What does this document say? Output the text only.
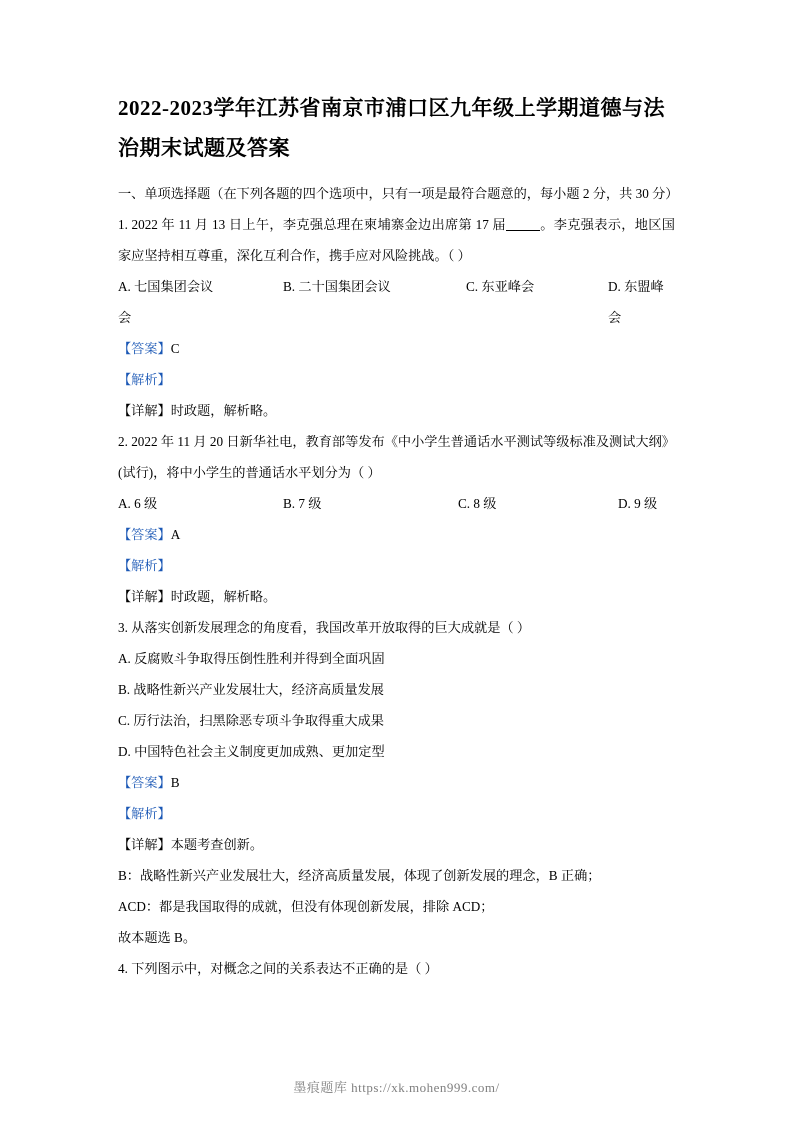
2022-2023学年江苏省南京市浦口区九年级上学期道德与法治期末试题及答案

一、单项选择题（在下列各题的四个选项中，只有一项是最符合题意的，每小题 2 分，共 30 分）

1. 2022 年 11 月 13 日上午，李克强总理在柬埔寨金边出席第 17 届	。李克强表示，地区国家应坚持相互尊重，深化互利合作，携手应对风险挑战。（ ）

A. 七国集团会议	B. 二十国集团会议	C. 东亚峰会	D. 东盟峰会
会

【答案】C

【解析】

【详解】时政题，解析略。

2. 2022 年 11 月 20 日新华社电，教育部等发布《中小学生普通话水平测试等级标准及测试大纲》(试行)，将中小学生的普通话水平划分为（ ）

A. 6 级	B. 7 级	C. 8 级	D. 9 级

【答案】A

【解析】

【详解】时政题，解析略。

3. 从落实创新发展理念的角度看，我国改革开放取得的巨大成就是（ ）

A. 反腐败斗争取得压倒性胜利并得到全面巩固

B. 战略性新兴产业发展壮大，经济高质量发展

C. 厉行法治，扫黑除恶专项斗争取得重大成果

D. 中国特色社会主义制度更加成熟、更加定型

【答案】B

【解析】

【详解】本题考查创新。

B：战略性新兴产业发展壮大，经济高质量发展，体现了创新发展的理念，B 正确；

ACD：都是我国取得的成就，但没有体现创新发展，排除 ACD；

故本题选 B。

4. 下列图示中，对概念之间的关系表达不正确的是（ ）

墨痕题库 https://xk.mohen999.com/
